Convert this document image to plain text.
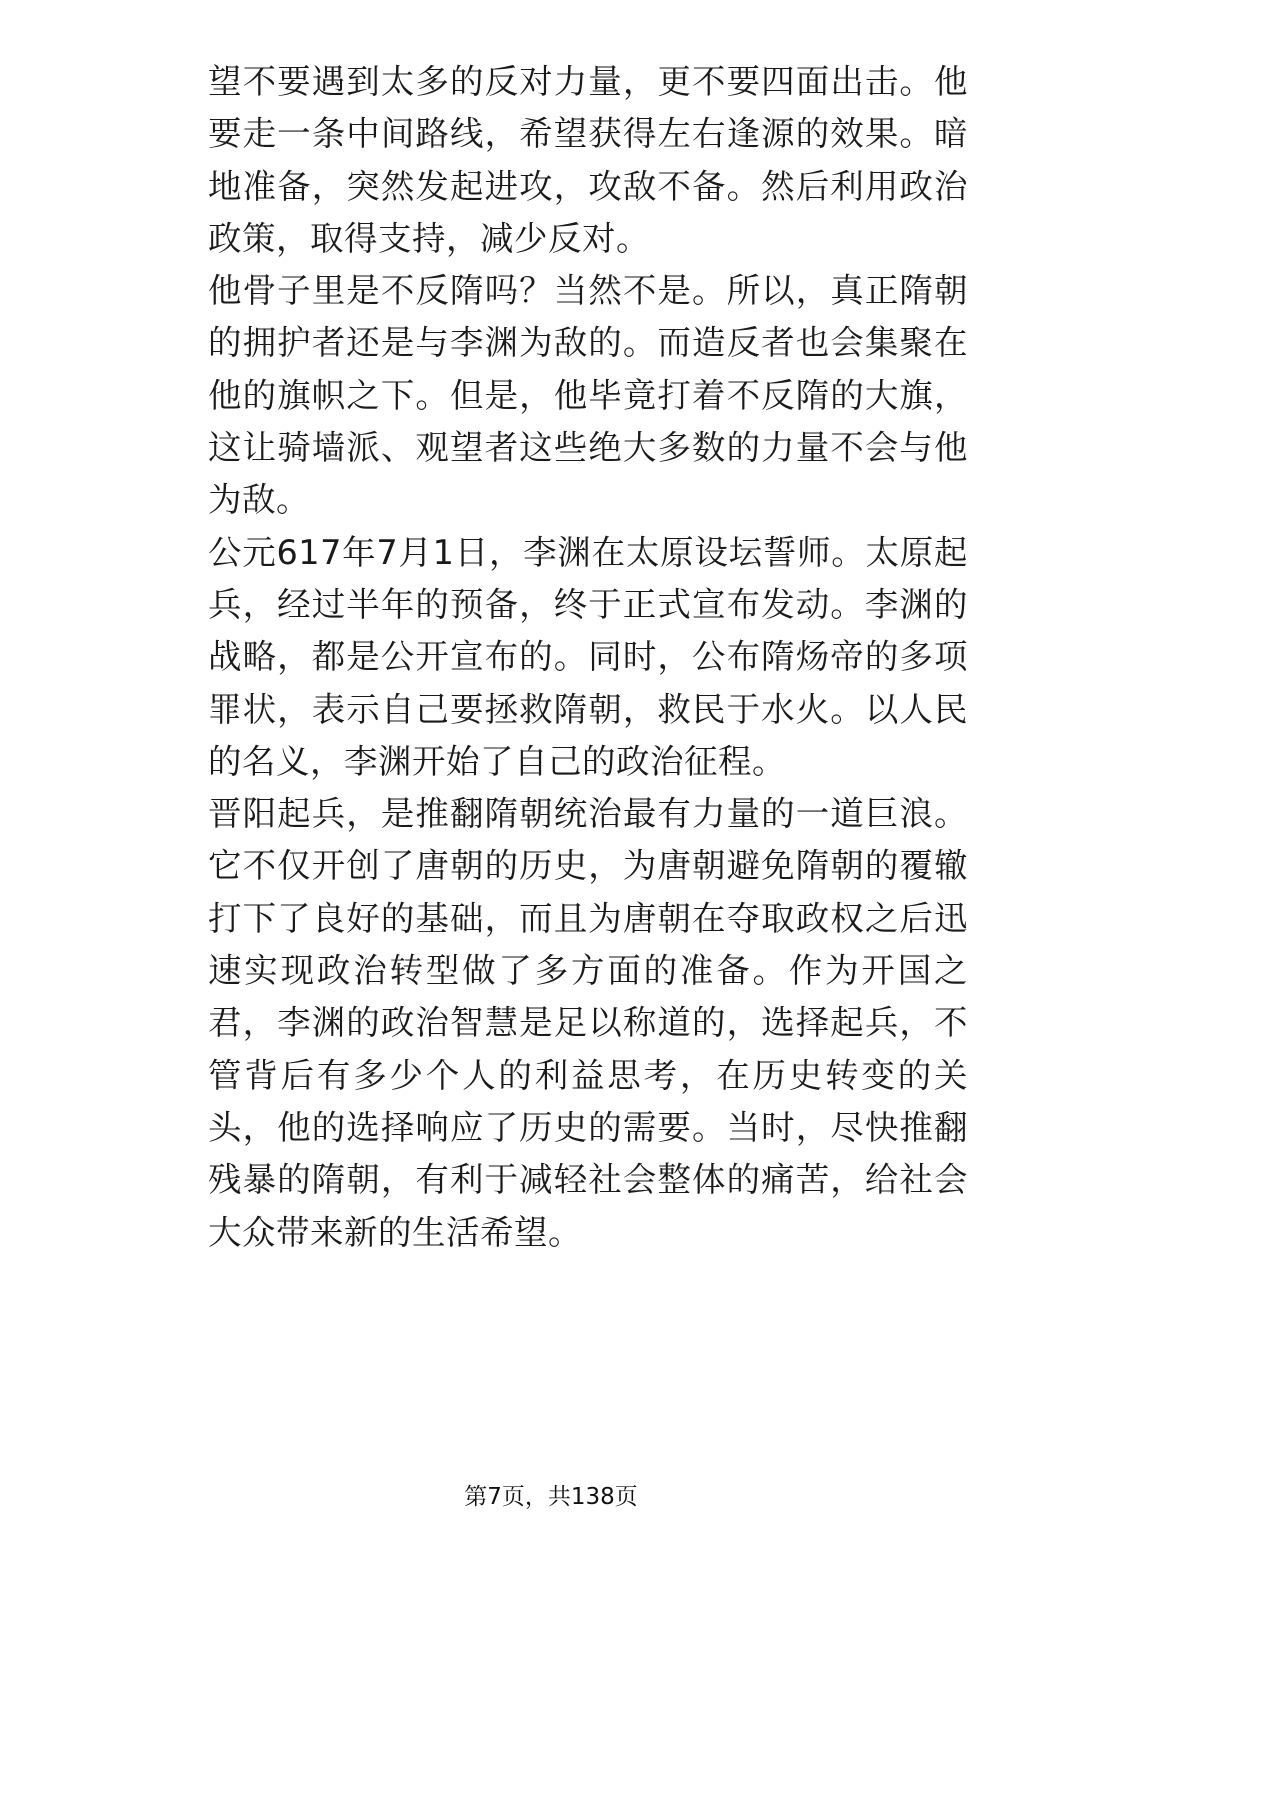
望不要遇到太多的反对力量，更不要四面出击。他要走一条中间路线，希望获得左右逢源的效果。暗地准备，突然发起进攻，攻敌不备。然后利用政治政策，取得支持，减少反对。

他骨子里是不反隋吗？当然不是。所以，真正隋朝的拥护者还是与李渊为敌的。而造反者也会集聚在他的旗帜之下。但是，他毕竟打着不反隋的大旗，这让骑墙派、观望者这些绝大多数的力量不会与他为敌。

公元617年7月1日，李渊在太原设坛誓师。太原起兵，经过半年的预备，终于正式宣布发动。李渊的战略，都是公开宣布的。同时，公布隋炀帝的多项罪状，表示自己要拯救隋朝，救民于水火。以人民的名义，李渊开始了自己的政治征程。

晋阳起兵，是推翻隋朝统治最有力量的一道巨浪。它不仅开创了唐朝的历史，为唐朝避免隋朝的覆辙打下了良好的基础，而且为唐朝在夺取政权之后迅速实现政治转型做了多方面的准备。作为开国之君，李渊的政治智慧是足以称道的，选择起兵，不管背后有多少个人的利益思考，在历史转变的关头，他的选择响应了历史的需要。当时，尽快推翻残暴的隋朝，有利于减轻社会整体的痛苦，给社会大众带来新的生活希望。

第7页，共138页
